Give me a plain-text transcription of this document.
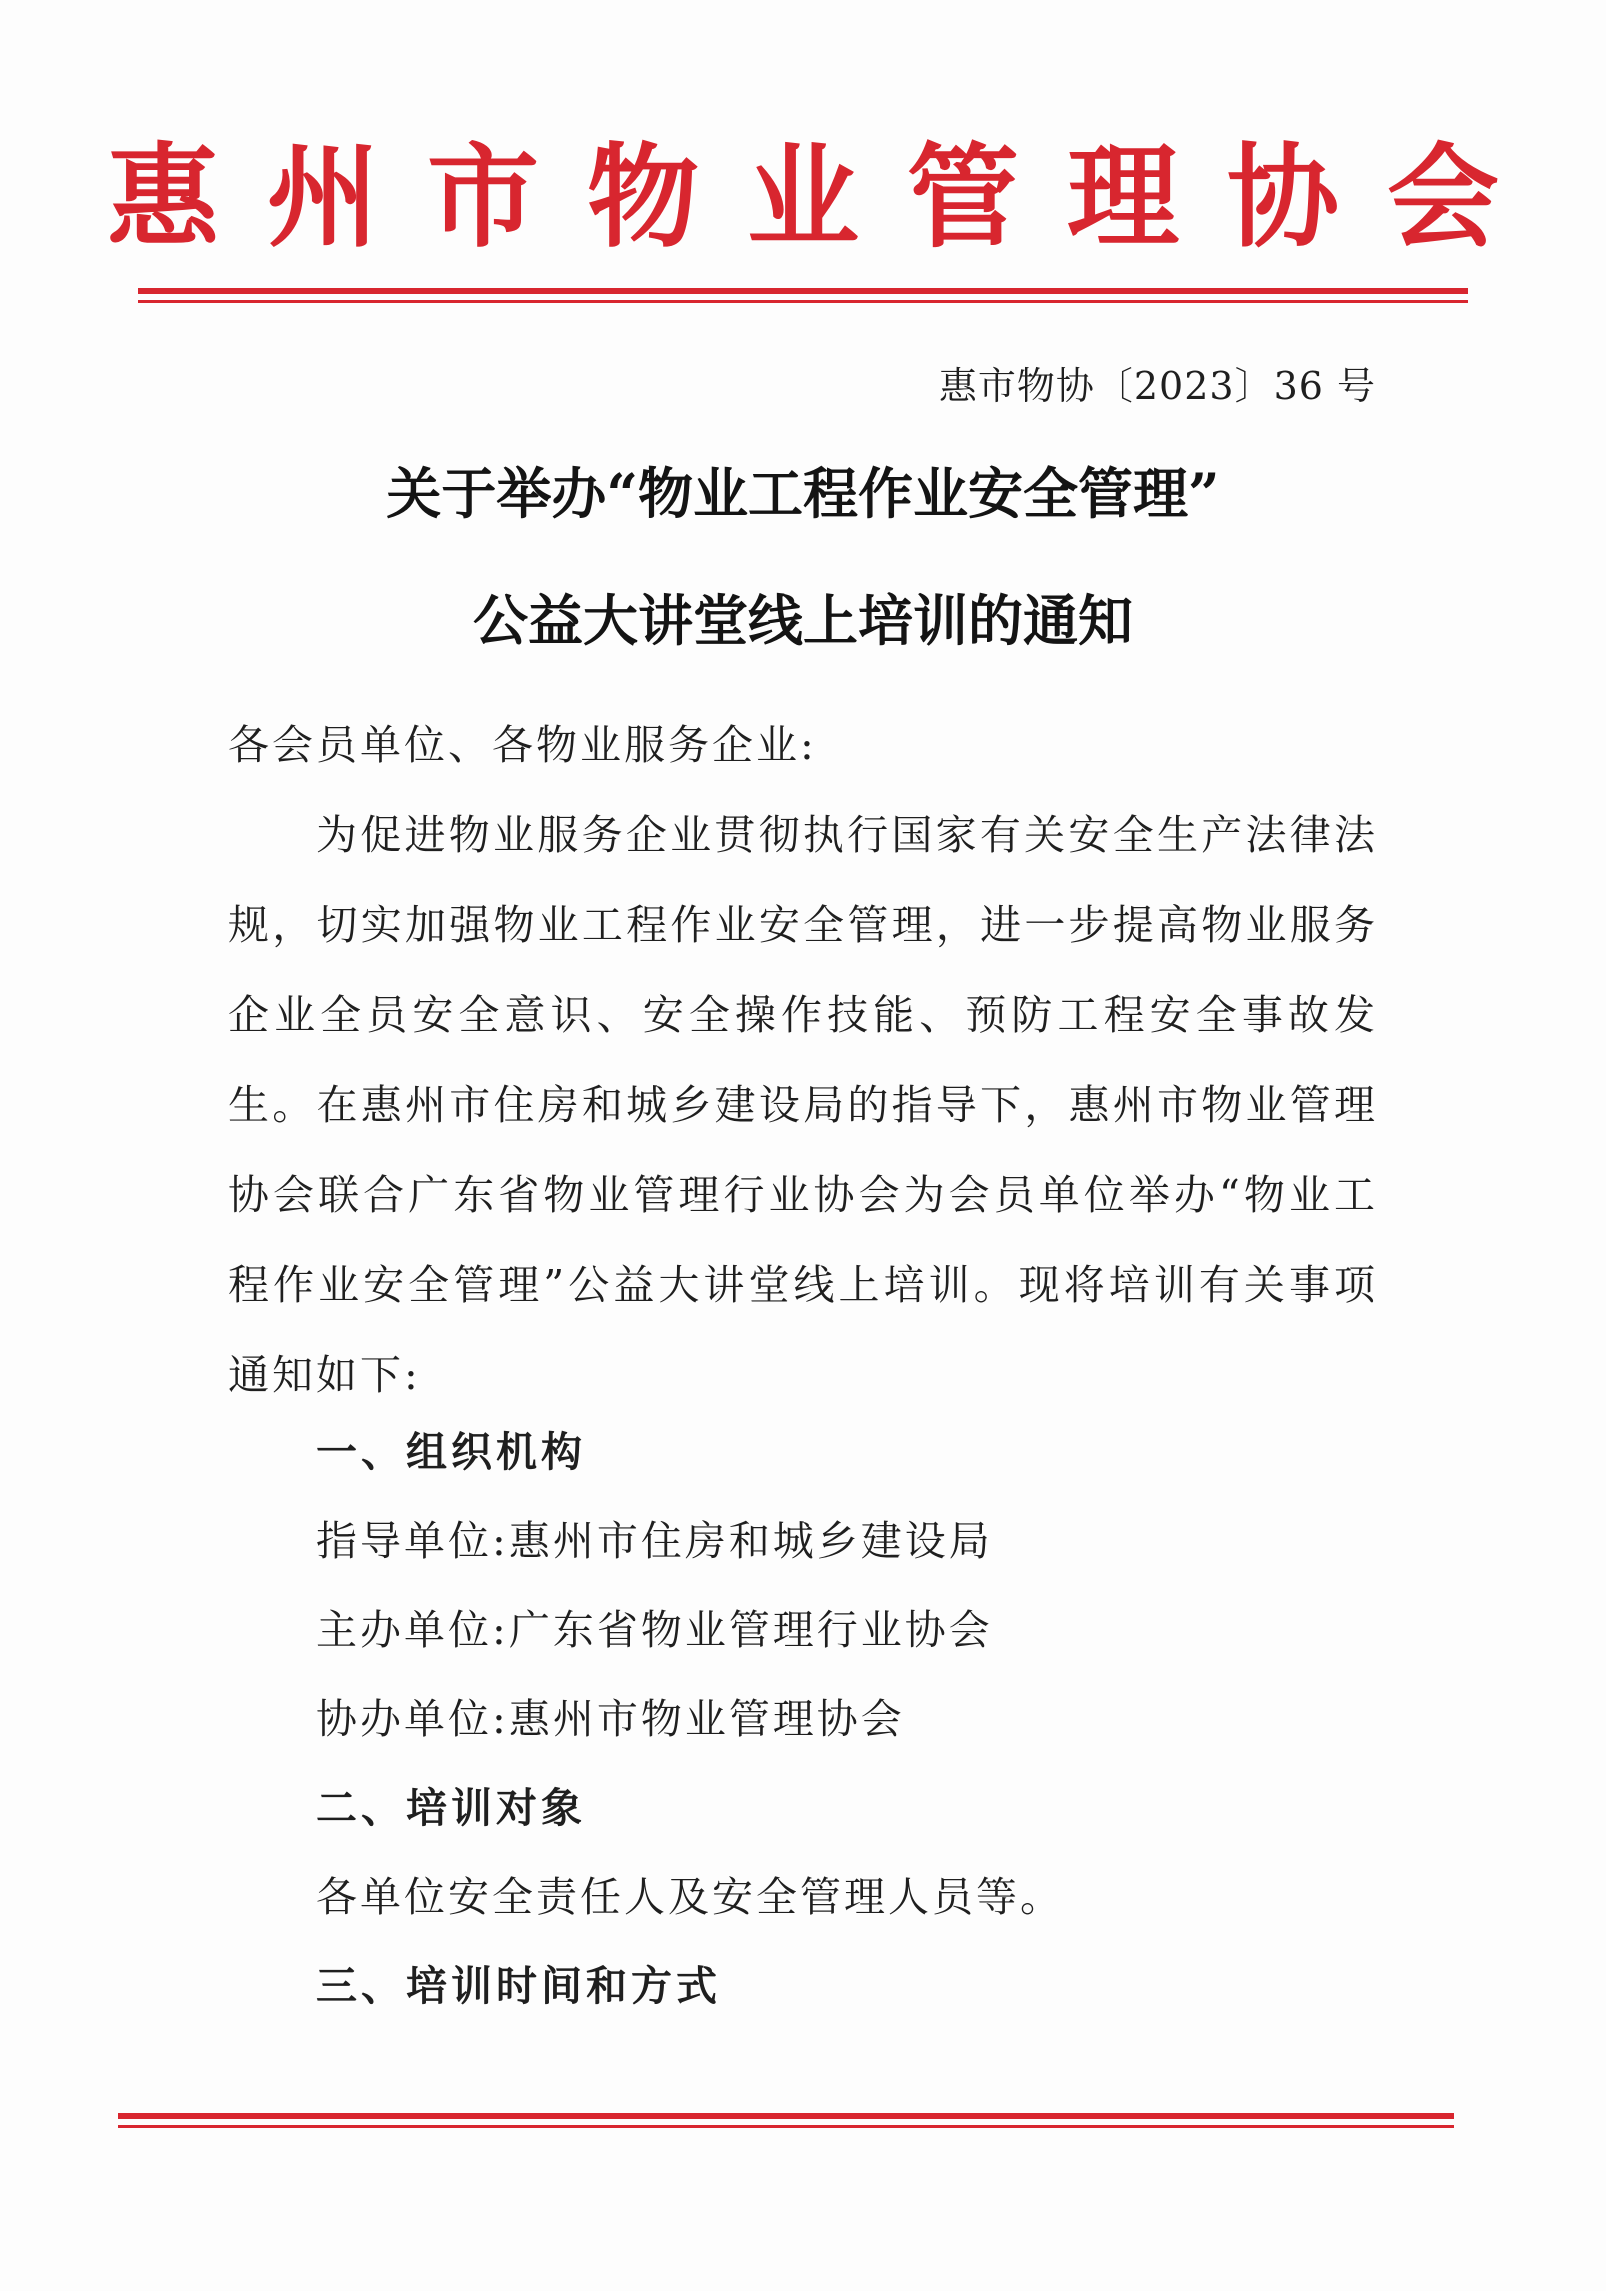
惠州市物业管理协会
惠市物协〔2023〕36 号
关于举办“物业工程作业安全管理”
公益大讲堂线上培训的通知
各会员单位、各物业服务企业:
为促进物业服务企业贯彻执行国家有关安全生产法律法规，切实加强物业工程作业安全管理，进一步提高物业服务企业全员安全意识、安全操作技能、预防工程安全事故发生。在惠州市住房和城乡建设局的指导下，惠州市物业管理协会联合广东省物业管理行业协会为会员单位举办“物业工程作业安全管理”公益大讲堂线上培训。现将培训有关事项通知如下:
一、组织机构
指导单位:惠州市住房和城乡建设局
主办单位:广东省物业管理行业协会
协办单位:惠州市物业管理协会
二、培训对象
各单位安全责任人及安全管理人员等。
三、培训时间和方式
